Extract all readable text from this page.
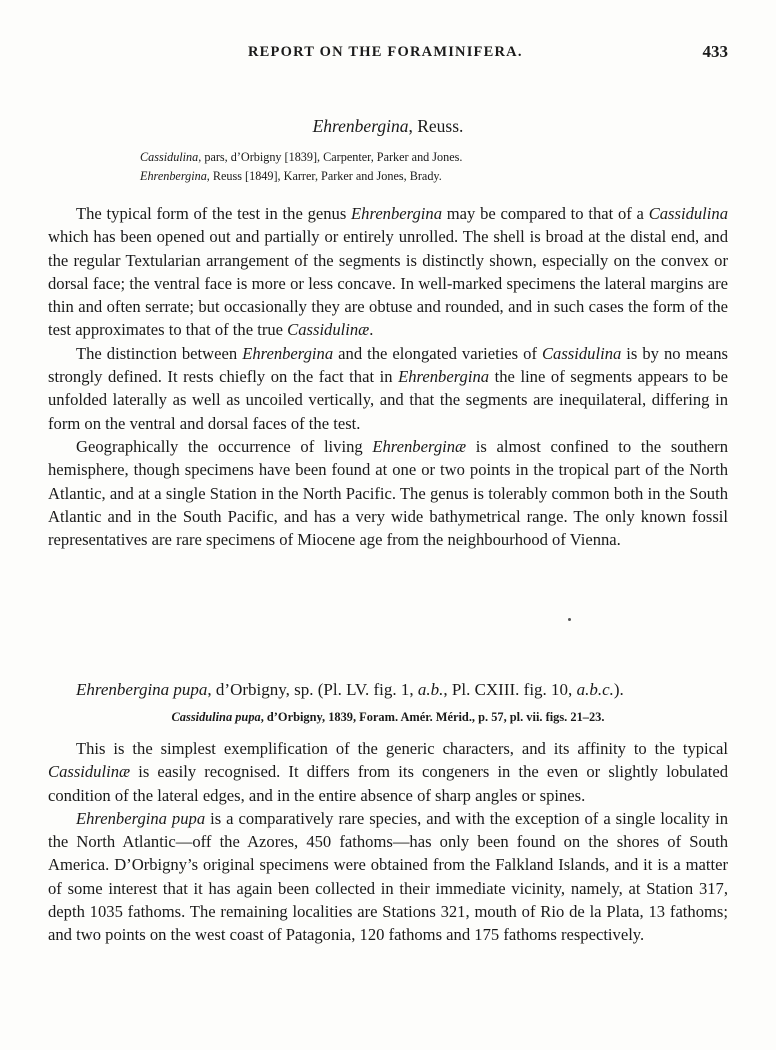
REPORT ON THE FORAMINIFERA.	433
Ehrenbergina, Reuss.
Cassidulina, pars, d’Orbigny [1839], Carpenter, Parker and Jones.
Ehrenbergina, Reuss [1849], Karrer, Parker and Jones, Brady.

The typical form of the test in the genus Ehrenbergina may be compared to that of a Cassidulina which has been opened out and partially or entirely unrolled. The shell is broad at the distal end, and the regular Textularian arrangement of the segments is distinctly shown, especially on the convex or dorsal face; the ventral face is more or less concave. In well-marked specimens the lateral margins are thin and often serrate; but occasionally they are obtuse and rounded, and in such cases the form of the test approximates to that of the true Cassidulinæ.

The distinction between Ehrenbergina and the elongated varieties of Cassidulina is by no means strongly defined. It rests chiefly on the fact that in Ehrenbergina the line of segments appears to be unfolded laterally as well as uncoiled vertically, and that the segments are inequilateral, differing in form on the ventral and dorsal faces of the test.

Geographically the occurrence of living Ehrenberginæ is almost confined to the southern hemisphere, though specimens have been found at one or two points in the tropical part of the North Atlantic, and at a single Station in the North Pacific. The genus is tolerably common both in the South Atlantic and in the South Pacific, and has a very wide bathymetrical range. The only known fossil representatives are rare specimens of Miocene age from the neighbourhood of Vienna.

Ehrenbergina pupa, d’Orbigny, sp. (Pl. LV. fig. 1, a.b., Pl. CXIII. fig. 10, a.b.c.).
Cassidulina pupa, d’Orbigny, 1839, Foram. Amér. Mérid., p. 57, pl. vii. figs. 21–23.

This is the simplest exemplification of the generic characters, and its affinity to the typical Cassidulinæ is easily recognised. It differs from its congeners in the even or slightly lobulated condition of the lateral edges, and in the entire absence of sharp angles or spines.

Ehrenbergina pupa is a comparatively rare species, and with the exception of a single locality in the North Atlantic—off the Azores, 450 fathoms—has only been found on the shores of South America. D’Orbigny’s original specimens were obtained from the Falkland Islands, and it is a matter of some interest that it has again been collected in their immediate vicinity, namely, at Station 317, depth 1035 fathoms. The remaining localities are Stations 321, mouth of Rio de la Plata, 13 fathoms; and two points on the west coast of Patagonia, 120 fathoms and 175 fathoms respectively.
